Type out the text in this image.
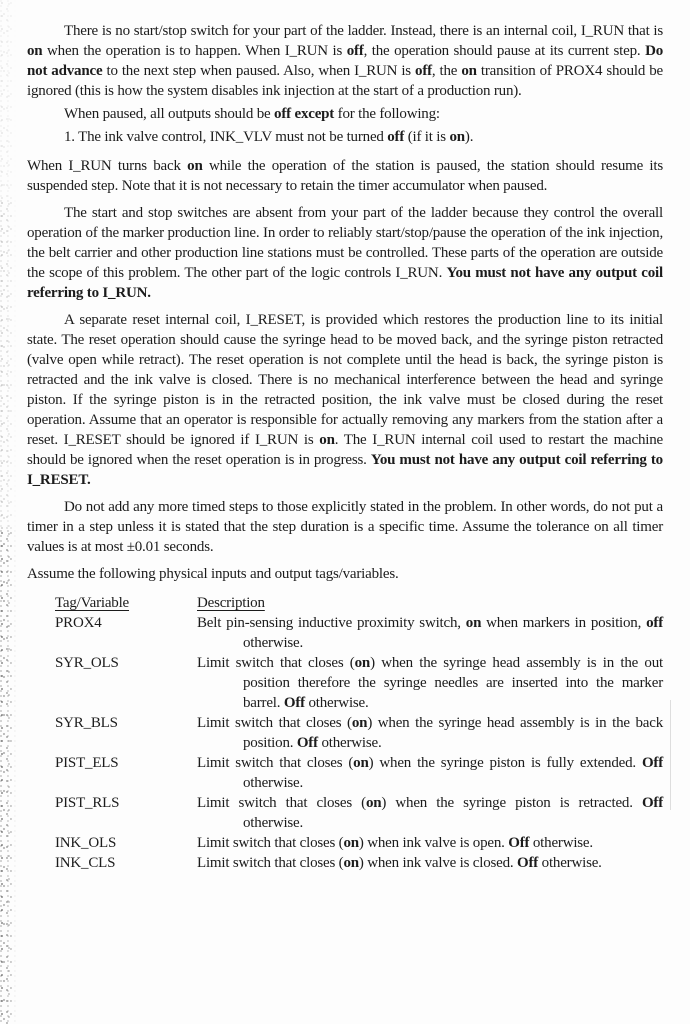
There is no start/stop switch for your part of the ladder. Instead, there is an internal coil, I_RUN that is on when the operation is to happen. When I_RUN is off, the operation should pause at its current step. Do not advance to the next step when paused. Also, when I_RUN is off, the on transition of PROX4 should be ignored (this is how the system disables ink injection at the start of a production run).

When paused, all outputs should be off except for the following:

1. The ink valve control, INK_VLV must not be turned off (if it is on).

When I_RUN turns back on while the operation of the station is paused, the station should resume its suspended step. Note that it is not necessary to retain the timer accumulator when paused.

The start and stop switches are absent from your part of the ladder because they control the overall operation of the marker production line. In order to reliably start/stop/pause the operation of the ink injection, the belt carrier and other production line stations must be controlled. These parts of the operation are outside the scope of this problem. The other part of the logic controls I_RUN. You must not have any output coil referring to I_RUN.

A separate reset internal coil, I_RESET, is provided which restores the production line to its initial state. The reset operation should cause the syringe head to be moved back, and the syringe piston retracted (valve open while retract). The reset operation is not complete until the head is back, the syringe piston is retracted and the ink valve is closed. There is no mechanical interference between the head and syringe piston. If the syringe piston is in the retracted position, the ink valve must be closed during the reset operation. Assume that an operator is responsible for actually removing any markers from the station after a reset. I_RESET should be ignored if I_RUN is on. The I_RUN internal coil used to restart the machine should be ignored when the reset operation is in progress. You must not have any output coil referring to I_RESET.

Do not add any more timed steps to those explicitly stated in the problem. In other words, do not put a timer in a step unless it is stated that the step duration is a specific time. Assume the tolerance on all timer values is at most ±0.01 seconds.

Assume the following physical inputs and output tags/variables.

Tag/Variable	Description
PROX4	Belt pin-sensing inductive proximity switch, on when markers in position, off otherwise.
SYR_OLS	Limit switch that closes (on) when the syringe head assembly is in the out position therefore the syringe needles are inserted into the marker barrel. Off otherwise.
SYR_BLS	Limit switch that closes (on) when the syringe head assembly is in the back position. Off otherwise.
PIST_ELS	Limit switch that closes (on) when the syringe piston is fully extended. Off otherwise.
PIST_RLS	Limit switch that closes (on) when the syringe piston is retracted. Off otherwise.
INK_OLS	Limit switch that closes (on) when ink valve is open. Off otherwise.
INK_CLS	Limit switch that closes (on) when ink valve is closed. Off otherwise.
